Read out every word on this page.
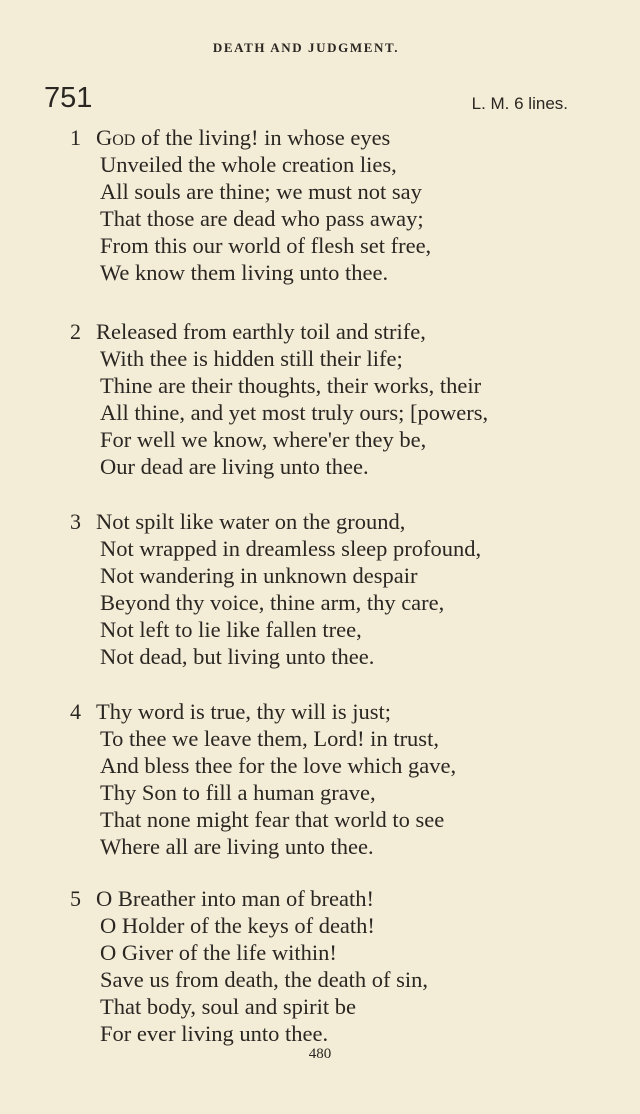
DEATH AND JUDGMENT.
751	L. M. 6 lines.
1 God of the living! in whose eyes
Unveiled the whole creation lies,
All souls are thine; we must not say
That those are dead who pass away;
From this our world of flesh set free,
We know them living unto thee.
2 Released from earthly toil and strife,
With thee is hidden still their life;
Thine are their thoughts, their works, their
All thine, and yet most truly ours; [powers,
For well we know, where'er they be,
Our dead are living unto thee.
3 Not spilt like water on the ground,
Not wrapped in dreamless sleep profound,
Not wandering in unknown despair
Beyond thy voice, thine arm, thy care,
Not left to lie like fallen tree,
Not dead, but living unto thee.
4 Thy word is true, thy will is just;
To thee we leave them, Lord! in trust,
And bless thee for the love which gave,
Thy Son to fill a human grave,
That none might fear that world to see
Where all are living unto thee.
5 O Breather into man of breath!
O Holder of the keys of death!
O Giver of the life within!
Save us from death, the death of sin,
That body, soul and spirit be
For ever living unto thee.
480
